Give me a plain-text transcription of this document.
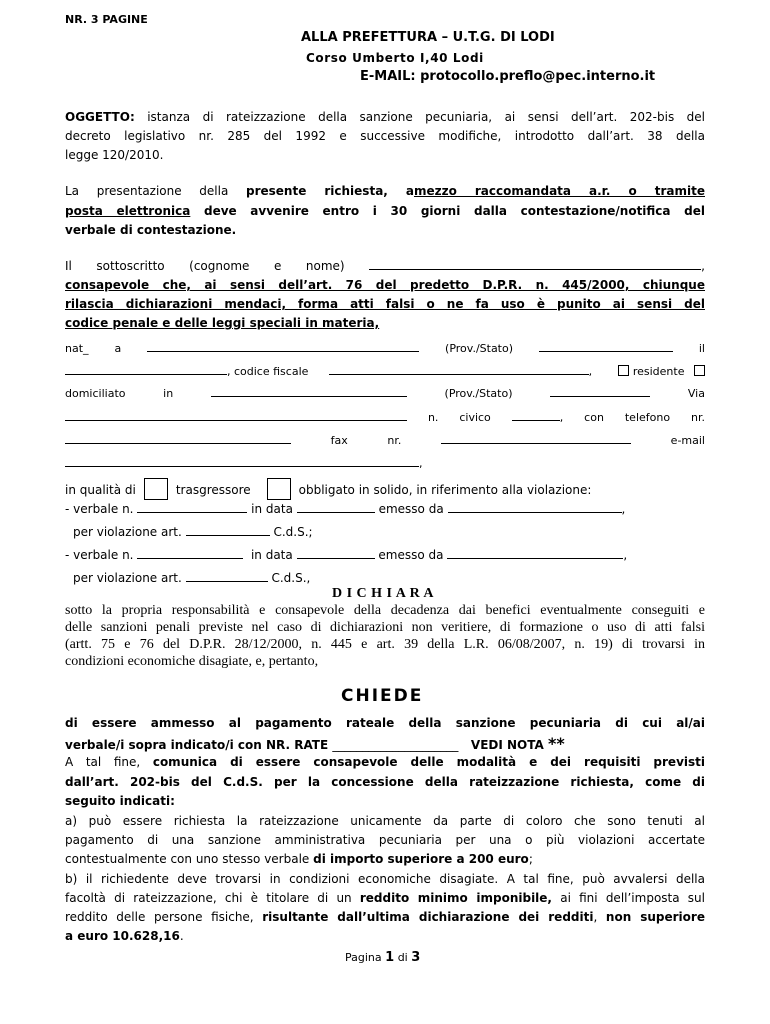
NR. 3 PAGINE
ALLA PREFETTURA – U.T.G. DI LODI
Corso Umberto I,40 Lodi
E-MAIL: protocollo.preflo@pec.interno.it
OGGETTO: istanza di rateizzazione della sanzione pecuniaria, ai sensi dell’art. 202-bis del
decreto legislativo nr. 285 del 1992 e successive modifiche, introdotto dall’art. 38 della
legge 120/2010.
La presentazione della presente richiesta, amezzo raccomandata a.r. o tramite
posta elettronica deve avvenire entro i 30 giorni dalla contestazione/notifica del
verbale di contestazione.
Il sottoscritto (cognome e nome)	,
consapevole che, ai sensi dell’art. 76 del predetto D.P.R. n. 445/2000, chiunque
rilascia dichiarazioni mendaci, forma atti falsi o ne fa uso è punito ai sensi del
codice penale e delle leggi speciali in materia,
nat_ a	(Prov./Stato)	il
, codice fiscale	,	residente
domiciliato	in	(Prov./Stato)	Via
n. civico	, con telefono nr.
fax	nr.	e-mail
,
in qualità di	trasgressore	obbligato in solido, in riferimento alla violazione:
- verbale n.	in data	emesso da	,
per violazione art.	C.d.S.;
- verbale n.	in data	emesso da	,
per violazione art.	C.d.S.,
D I C H I A R A
sotto la propria responsabilità e consapevole della decadenza dai benefici eventualmente conseguiti e
delle sanzioni penali previste nel caso di dichiarazioni non veritiere, di formazione o uso di atti falsi
(artt. 75 e 76 del D.P.R. 28/12/2000, n. 445 e art. 39 della L.R. 06/08/2007, n. 19) di trovarsi in
condizioni economiche disagiate, e, pertanto,
CHIEDE
di essere ammesso al pagamento rateale della sanzione pecuniaria di cui al/ai
verbale/i sopra indicato/i con NR. RATE _____________________ VEDI NOTA **
A tal fine, comunica di essere consapevole delle modalità e dei requisiti previsti
dall’art. 202-bis del C.d.S. per la concessione della rateizzazione richiesta, come di
seguito indicati:
a) può essere richiesta la rateizzazione unicamente da parte di coloro che sono tenuti al
pagamento di una sanzione amministrativa pecuniaria per una o più violazioni accertate
contestualmente con uno stesso verbale di importo superiore a 200 euro;
b) il richiedente deve trovarsi in condizioni economiche disagiate. A tal fine, può avvalersi della
facoltà di rateizzazione, chi è titolare di un reddito minimo imponibile, ai fini dell’imposta sul
reddito delle persone fisiche, risultante dall’ultima dichiarazione dei redditi, non superiore
a euro 10.628,16.
Pagina 1 di 3
